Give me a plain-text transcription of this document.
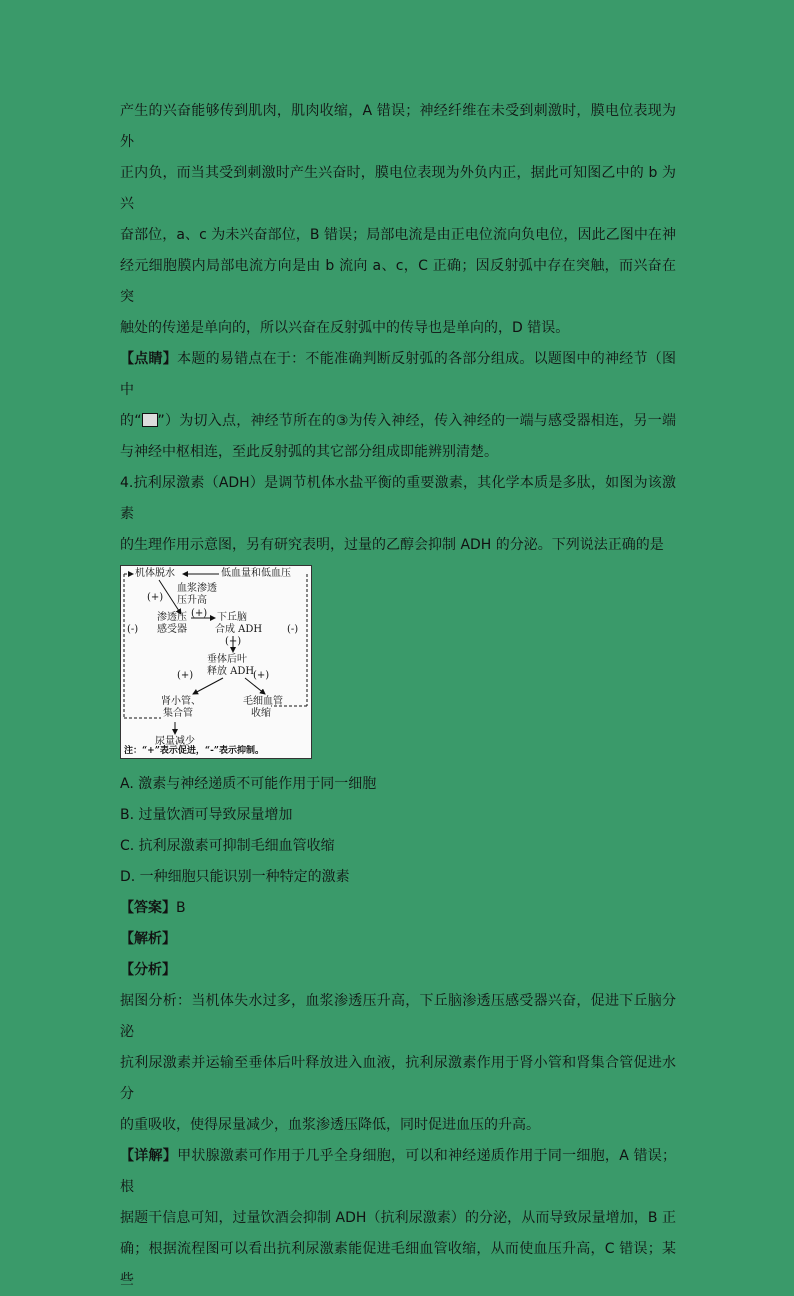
产生的兴奋能够传到肌肉，肌肉收缩，A 错误；神经纤维在未受到刺激时，膜电位表现为外

正内负，而当其受到刺激时产生兴奋时，膜电位表现为外负内正，据此可知图乙中的 b 为兴

奋部位，a、c 为未兴奋部位，B 错误；局部电流是由正电位流向负电位，因此乙图中在神

经元细胞膜内局部电流方向是由 b 流向 a、c，C 正确；因反射弧中存在突触，而兴奋在突

触处的传递是单向的，所以兴奋在反射弧中的传导也是单向的，D 错误。

【点睛】本题的易错点在于：不能准确判断反射弧的各部分组成。以题图中的神经节（图中

的“ ”）为切入点，神经节所在的③为传入神经，传入神经的一端与感受器相连，另一端

与神经中枢相连，至此反射弧的其它部分组成即能辨别清楚。

4.抗利尿激素（ADH）是调节机体水盐平衡的重要激素，其化学本质是多肽，如图为该激素

的生理作用示意图，另有研究表明，过量的乙醇会抑制 ADH 的分泌。下列说法正确的是

机体脱水	低血量和低血压
血浆渗透
(+) 压升高
渗透压 (+) 下丘脑
感受器	合成 ADH
(-)	(-)
(+)
垂体后叶
释放 ADH
(+)	(+)
肾小管、	毛细血管
集合管	收缩
尿量减少
注：“+”表示促进，“-”表示抑制。

A. 激素与神经递质不可能作用于同一细胞

B. 过量饮酒可导致尿量增加

C. 抗利尿激素可抑制毛细血管收缩

D. 一种细胞只能识别一种特定的激素

【答案】B

【解析】

【分析】

据图分析：当机体失水过多，血浆渗透压升高，下丘脑渗透压感受器兴奋，促进下丘脑分泌

抗利尿激素并运输至垂体后叶释放进入血液，抗利尿激素作用于肾小管和肾集合管促进水分

的重吸收，使得尿量减少，血浆渗透压降低，同时促进血压的升高。

【详解】甲状腺激素可作用于几乎全身细胞，可以和神经递质作用于同一细胞，A 错误；根

据题干信息可知，过量饮酒会抑制 ADH（抗利尿激素）的分泌，从而导致尿量增加，B 正

确；根据流程图可以看出抗利尿激素能促进毛细血管收缩，从而使血压升高，C 错误；某些
